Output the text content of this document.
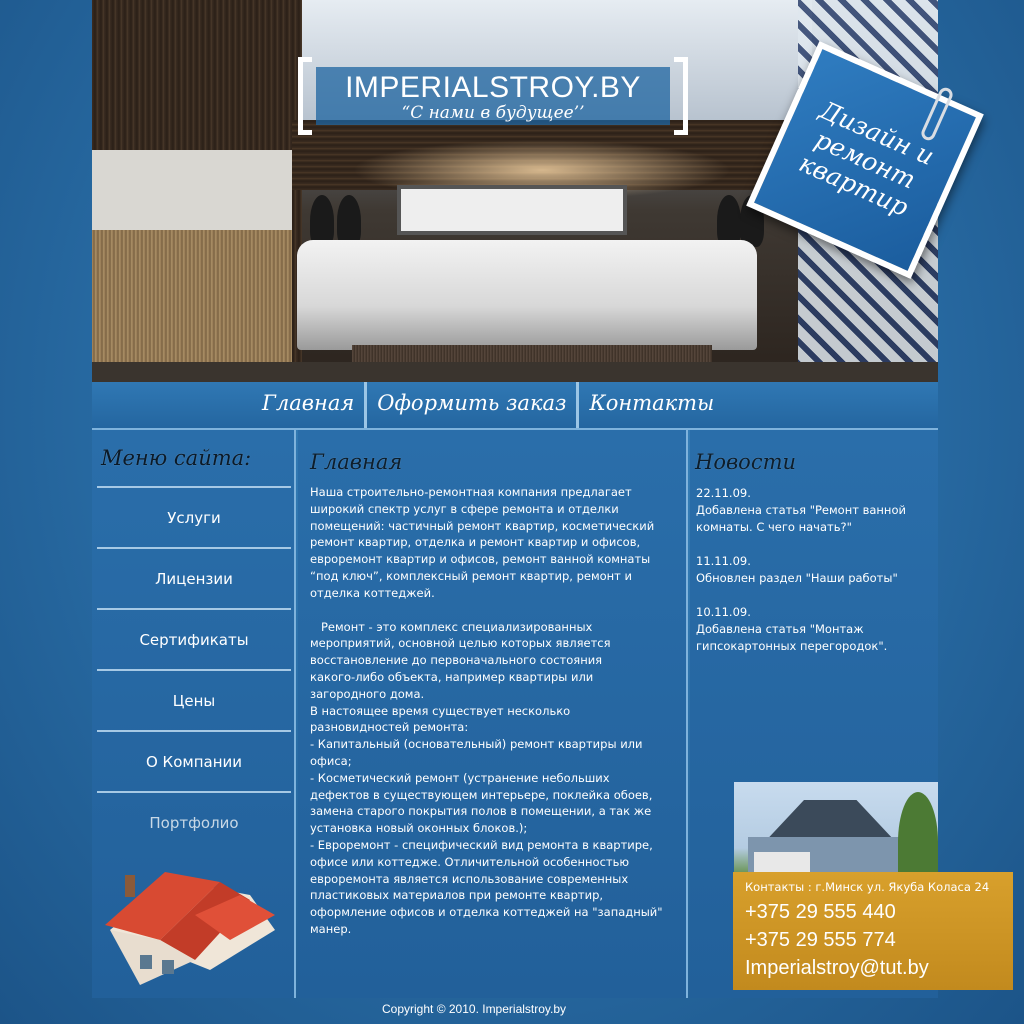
IMPERIALSTROY.BY
“С нами в будущее’’	Дизайн и
ремонт
квартир
Главная	Оформить заказ	Контакты
Меню сайта:
Услуги
Лицензии
Сертификаты
Цены
О Компании
Портфолио
Главная

Наша строительно-ремонтная компания предлагает
широкий спектр услуг в сфере ремонта и отделки
помещений: частичный ремонт квартир, косметический
ремонт квартир, отделка и ремонт квартир и офисов,
евроремонт квартир и офисов, ремонт ванной комнаты
“под ключ”, комплексный ремонт квартир, ремонт и
отделка коттеджей.

Ремонт - это комплекс специализированных
мероприятий, основной целью которых является
восстановление до первоначального состояния
какого-либо объекта, например квартиры или
загородного дома.
В настоящее время существует несколько
разновидностей ремонта:
- Капитальный (основательный) ремонт квартиры или
офиса;
- Косметический ремонт (устранение небольших
дефектов в существующем интерьере, поклейка обоев,
замена старого покрытия полов в помещении, а так же
установка новый оконных блоков.);
- Евроремонт - специфический вид ремонта в квартире,
офисе или коттедже. Отличительной особенностью
евроремонта является использование современных
пластиковых материалов при ремонте квартир,
оформление офисов и отделка коттеджей на "западный"
манер.

Новости
22.11.09.
Добавлена статья "Ремонт ванной комнаты. С чего начать?"
11.11.09.
Обновлен раздел "Наши работы"
10.11.09.
Добавлена статья "Монтаж гипсокартонных перегородок".
Контакты : г.Минск ул. Якуба Коласа 24
+375 29 555 440
+375 29 555 774
Imperialstroy@tut.by
Copyright © 2010. Imperialstroy.by
